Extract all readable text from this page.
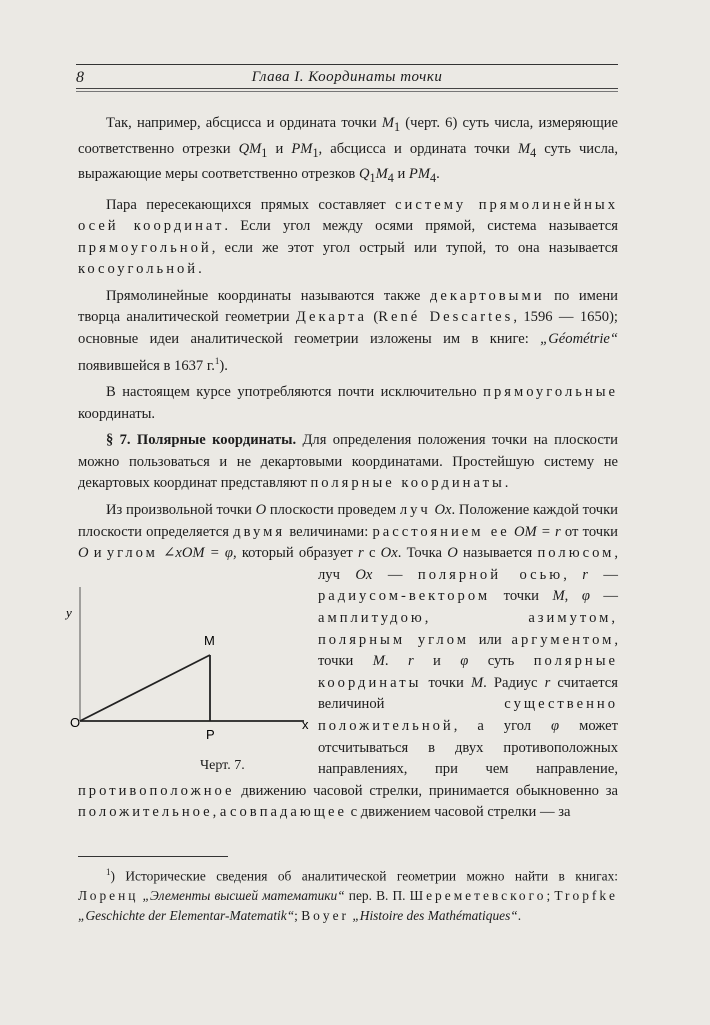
8	Глава I. Координаты точки

Так, например, абсцисса и ордината точки $M_1$ (черт. 6) суть числа, измеряющие соответственно отрезки $QM_1$ и $PM_1$, абсцисса и ордината точки $M_4$ суть числа, выражающие меры соответственно отрезков $Q_1M_4$ и $PM_4$.

Пара пересекающихся прямых составляет систему прямолинейных осей координат. Если угол между осями прямой, система называется прямоугольной, если же этот угол острый или тупой, то она называется косоугольной.

Прямолинейные координаты называются также декартовыми по имени творца аналитической геометрии Декарта (René Descartes, 1596 — 1650); основные идеи аналитической геометрии изложены им в книге: „Géométrie“ появившейся в 1637 г.$^1$).

В настоящем курсе употребляются почти исключительно прямоугольные координаты.

§ 7. Полярные координаты. Для определения положения точки на плоскости можно пользоваться и не декартовыми координатами. Простейшую систему не декартовых координат представляют полярные координаты.

Из произвольной точки O плоскости проведем луч Ox. Положение каждой точки плоскости определяется двумя величинами: расстоянием ее OM = r от точки O и углом ∠xOM = φ, который образует r с Ox. Точка O называется полюсом, луч Ox —
y
M
O
P
x
Черт. 7.
полярной осью, r — радиусом-вектором точки M, φ — амплитудою, азимутом, полярным углом или аргументом, точки M. r и φ суть полярные координаты точки M. Радиус r считается величиной существенно положительной, а угол φ может отсчитываться в двух противоположных направлениях, при чем направление, противоположное движению часовой стрелки, принимается обыкновенно за положительное, а совпадающее с движением часовой стрелки — за

$^1$) Исторические сведения об аналитической геометрии можно найти в книгах: Лоренц „Элементы высшей математики“ пер. В. П. Шереметевского; Tropfke „Geschichte der Elementar-Matematik“; Boyer „Histoire des Mathématiques“.
